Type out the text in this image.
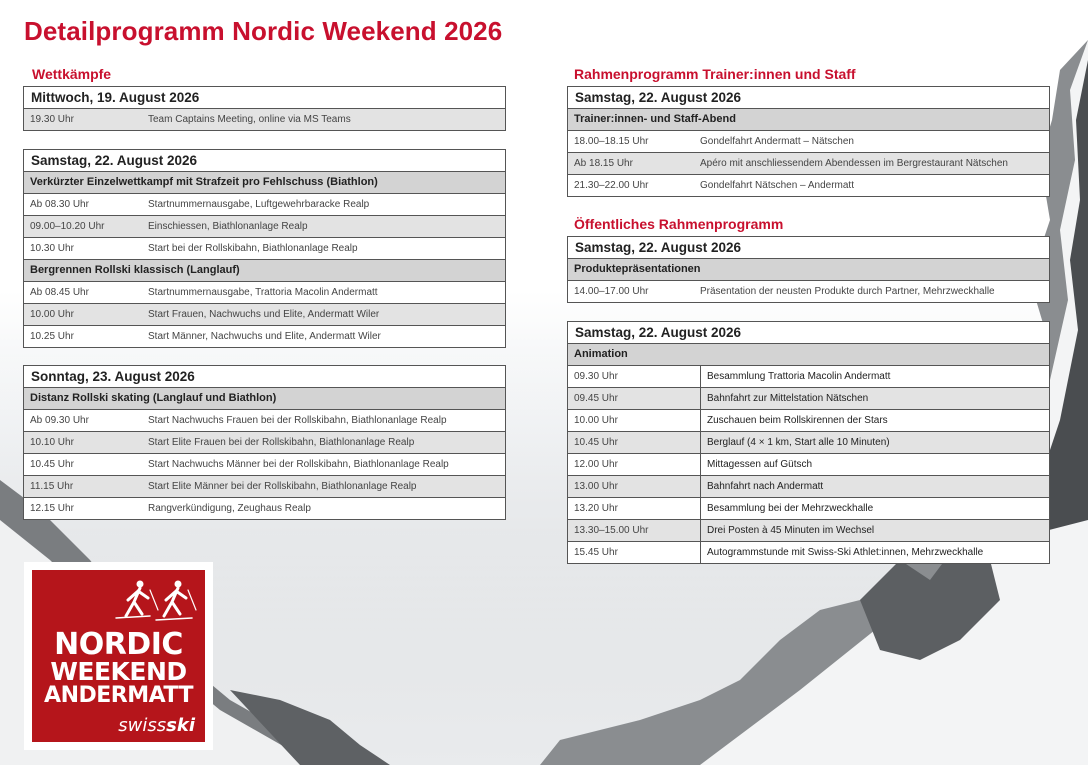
Detailprogramm Nordic Weekend 2026
Wettkämpfe
Mittwoch, 19. August 2026
19.30 Uhr	Team Captains Meeting, online via MS Teams
Samstag, 22. August 2026
Verkürzter Einzelwettkampf mit Strafzeit pro Fehlschuss (Biathlon)
Ab 08.30 Uhr	Startnummernausgabe, Luftgewehrbaracke Realp
09.00–10.20 Uhr	Einschiessen, Biathlonanlage Realp
10.30 Uhr	Start bei der Rollskibahn, Biathlonanlage Realp
Bergrennen Rollski klassisch (Langlauf)
Ab 08.45 Uhr	Startnummernausgabe, Trattoria Macolin Andermatt
10.00 Uhr	Start Frauen, Nachwuchs und Elite, Andermatt Wiler
10.25 Uhr	Start Männer, Nachwuchs und Elite, Andermatt Wiler
Sonntag, 23. August 2026
Distanz Rollski skating (Langlauf und Biathlon)
Ab 09.30 Uhr	Start Nachwuchs Frauen bei der Rollskibahn, Biathlonanlage Realp
10.10 Uhr	Start Elite Frauen bei der Rollskibahn, Biathlonanlage Realp
10.45 Uhr	Start Nachwuchs Männer bei der Rollskibahn, Biathlonanlage Realp
11.15 Uhr	Start Elite Männer bei der Rollskibahn, Biathlonanlage Realp
12.15 Uhr	Rangverkündigung, Zeughaus Realp
Rahmenprogramm Trainer:innen und Staff
Samstag, 22. August 2026
Trainer:innen- und Staff-Abend
18.00–18.15 Uhr	Gondelfahrt Andermatt – Nätschen
Ab 18.15 Uhr	Apéro mit anschliessendem Abendessen im Bergrestaurant Nätschen
21.30–22.00 Uhr	Gondelfahrt Nätschen – Andermatt
Öffentliches Rahmenprogramm
Samstag, 22. August 2026
Produktepräsentationen
14.00–17.00 Uhr	Präsentation der neusten Produkte durch Partner, Mehrzweckhalle
Samstag, 22. August 2026
Animation
09.30 Uhr	Besammlung Trattoria Macolin Andermatt
09.45 Uhr	Bahnfahrt zur Mittelstation Nätschen
10.00 Uhr	Zuschauen beim Rollskirennen der Stars
10.45 Uhr	Berglauf (4 × 1 km, Start alle 10 Minuten)
12.00 Uhr	Mittagessen auf Gütsch
13.00 Uhr	Bahnfahrt nach Andermatt
13.20 Uhr	Besammlung bei der Mehrzweckhalle
13.30–15.00 Uhr	Drei Posten à 45 Minuten im Wechsel
15.45 Uhr	Autogrammstunde mit Swiss-Ski Athlet:innen, Mehrzweckhalle
NORDIC
WEEKEND
ANDERMATT
swissski
